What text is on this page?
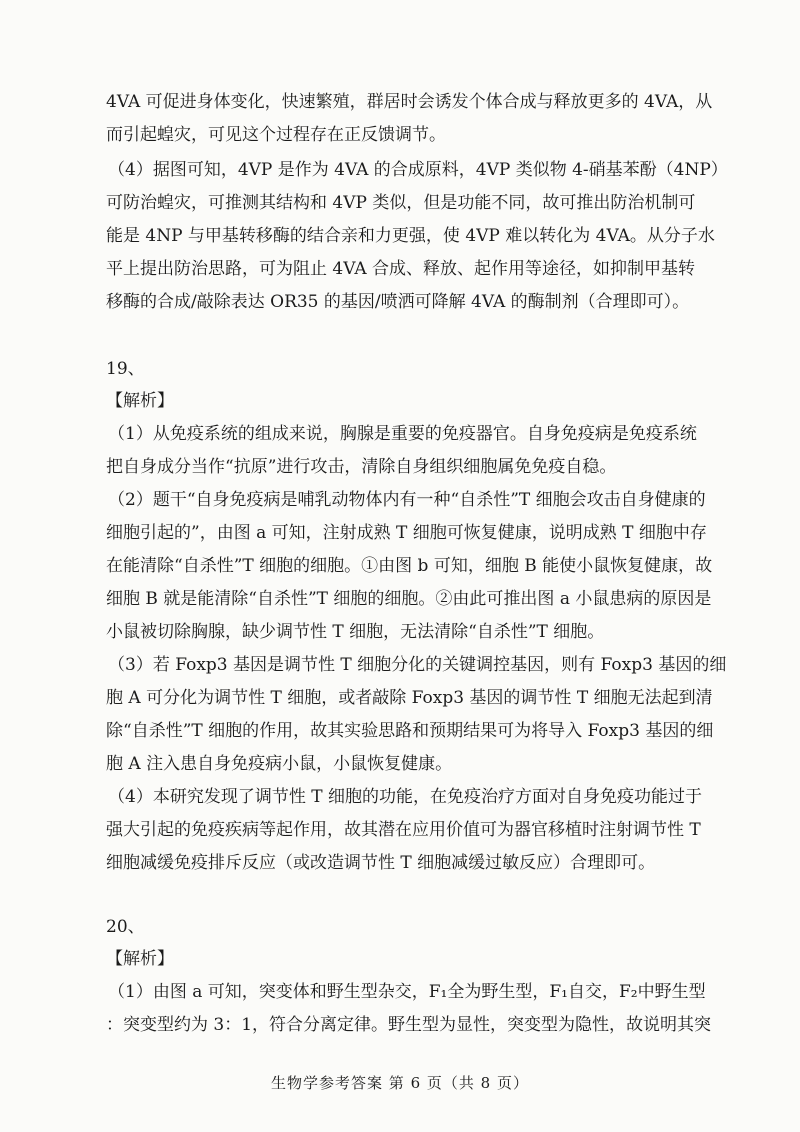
4VA 可促进身体变化，快速繁殖，群居时会诱发个体合成与释放更多的 4VA，从
而引起蝗灾，可见这个过程存在正反馈调节。
（4）据图可知，4VP 是作为 4VA 的合成原料，4VP 类似物 4-硝基苯酚（4NP）
可防治蝗灾，可推测其结构和 4VP 类似，但是功能不同，故可推出防治机制可
能是 4NP 与甲基转移酶的结合亲和力更强，使 4VP 难以转化为 4VA。从分子水
平上提出防治思路，可为阻止 4VA 合成、释放、起作用等途径，如抑制甲基转
移酶的合成/敲除表达 OR35 的基因/喷洒可降解 4VA 的酶制剂（合理即可）。
19、
【解析】
（1）从免疫系统的组成来说，胸腺是重要的免疫器官。自身免疫病是免疫系统
把自身成分当作“抗原”进行攻击，清除自身组织细胞属免免疫自稳。
（2）题干“自身免疫病是哺乳动物体内有一种“自杀性”T 细胞会攻击自身健康的
细胞引起的”，由图 a 可知，注射成熟 T 细胞可恢复健康，说明成熟 T 细胞中存
在能清除“自杀性”T 细胞的细胞。①由图 b 可知，细胞 B 能使小鼠恢复健康，故
细胞 B 就是能清除“自杀性”T 细胞的细胞。②由此可推出图 a 小鼠患病的原因是
小鼠被切除胸腺，缺少调节性 T 细胞，无法清除“自杀性”T 细胞。
（3）若 Foxp3 基因是调节性 T 细胞分化的关键调控基因，则有 Foxp3 基因的细
胞 A 可分化为调节性 T 细胞，或者敲除 Foxp3 基因的调节性 T 细胞无法起到清
除“自杀性”T 细胞的作用，故其实验思路和预期结果可为将导入 Foxp3 基因的细
胞 A 注入患自身免疫病小鼠，小鼠恢复健康。
（4）本研究发现了调节性 T 细胞的功能，在免疫治疗方面对自身免疫功能过于
强大引起的免疫疾病等起作用，故其潜在应用价值可为器官移植时注射调节性 T
细胞减缓免疫排斥反应（或改造调节性 T 细胞减缓过敏反应）合理即可。
20、
【解析】
（1）由图 a 可知，突变体和野生型杂交，F₁全为野生型，F₁自交，F₂中野生型
：突变型约为 3：1，符合分离定律。野生型为显性，突变型为隐性，故说明其突
生物学参考答案 第 6 页（共 8 页）
